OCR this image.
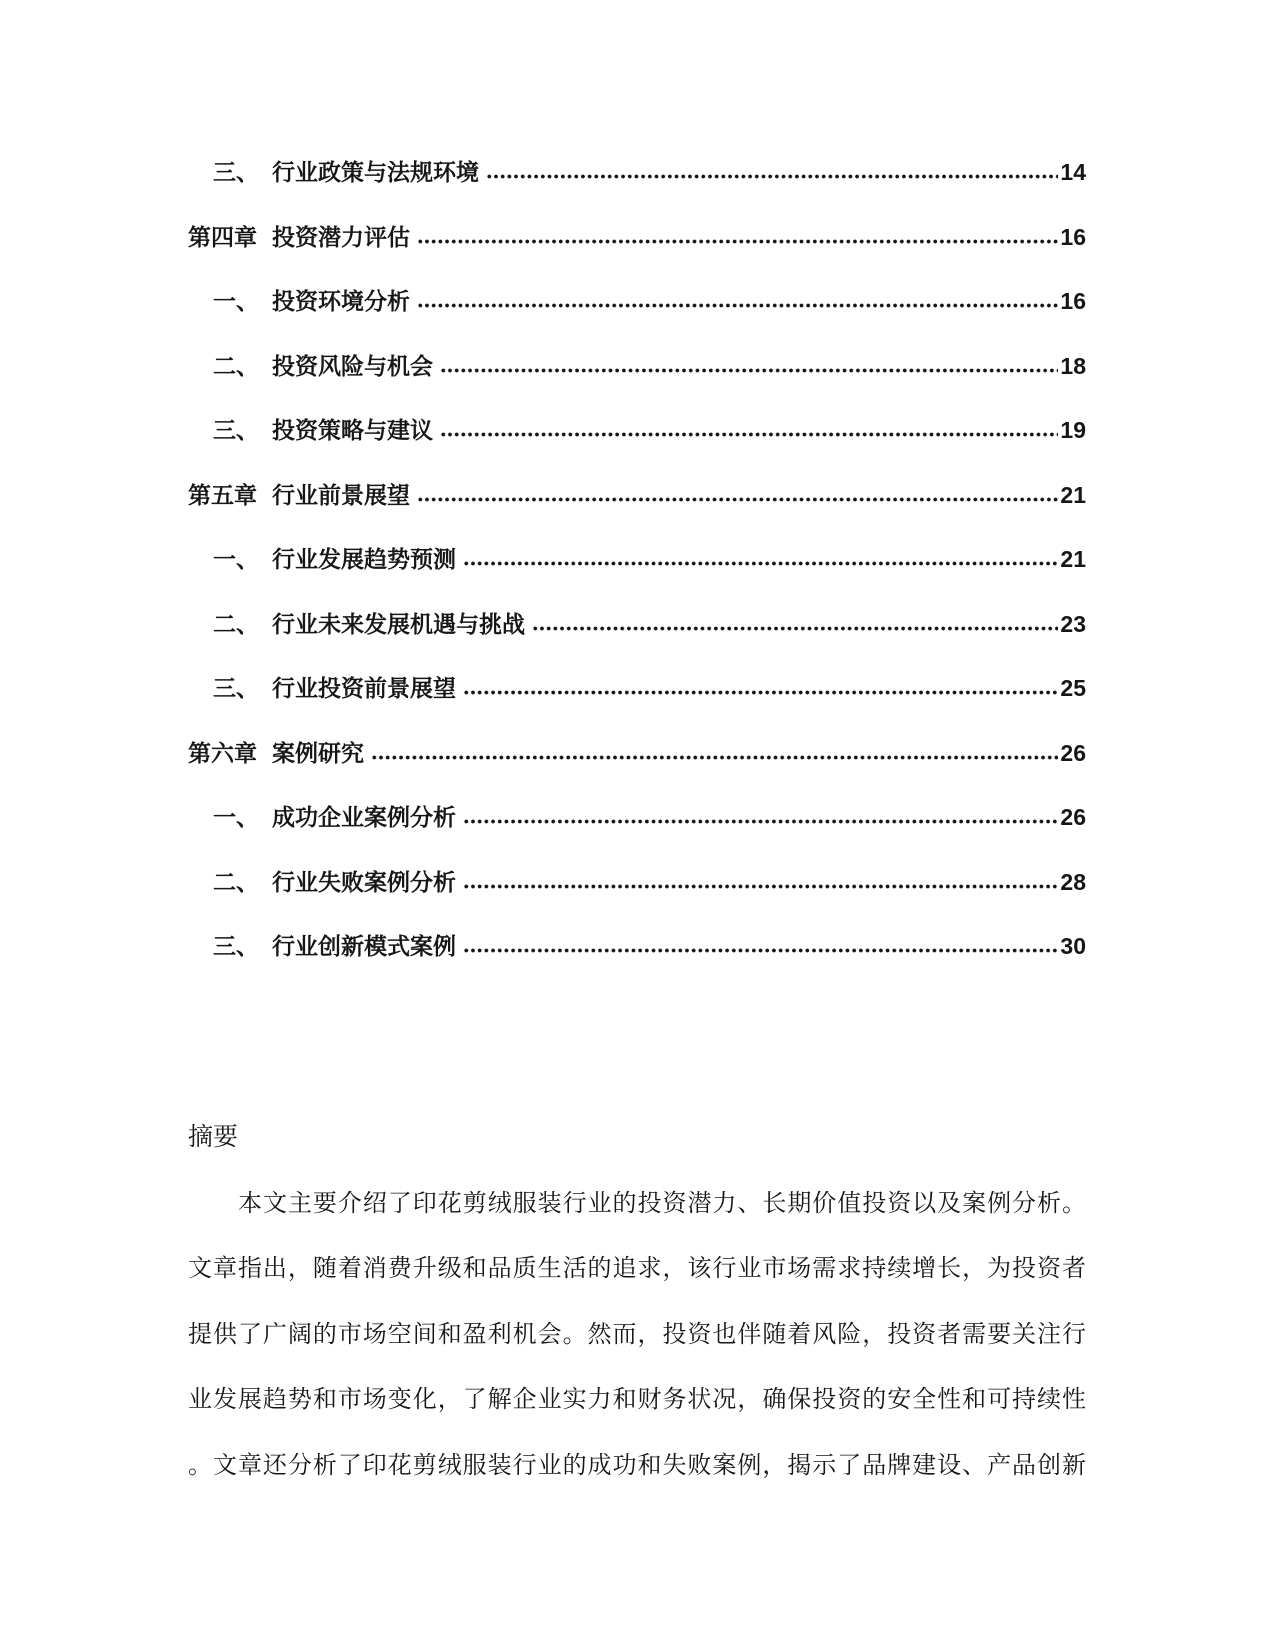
三、 行业政策与法规环境	14
第四章 投资潜力评估	16
一、 投资环境分析	16
二、 投资风险与机会	18
三、 投资策略与建议	19
第五章 行业前景展望	21
一、 行业发展趋势预测	21
二、 行业未来发展机遇与挑战	23
三、 行业投资前景展望	25
第六章 案例研究	26
一、 成功企业案例分析	26
二、 行业失败案例分析	28
三、 行业创新模式案例	30
摘要
本文主要介绍了印花剪绒服装行业的投资潜力、长期价值投资以及案例分析。
文章指出，随着消费升级和品质生活的追求，该行业市场需求持续增长，为投资者
提供了广阔的市场空间和盈利机会。然而，投资也伴随着风险，投资者需要关注行
业发展趋势和市场变化，了解企业实力和财务状况，确保投资的安全性和可持续性
。文章还分析了印花剪绒服装行业的成功和失败案例，揭示了品牌建设、产品创新
